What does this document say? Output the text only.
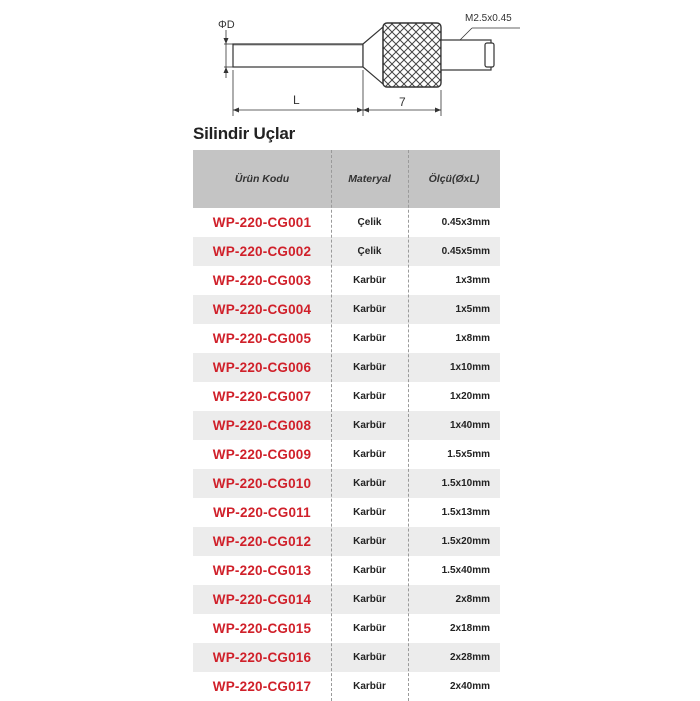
ΦD
M2.5x0.45
L	7
Silindir Uçlar
Ürün Kodu	Materyal	Ölçü(ØxL)
WP-220-CG001	Çelik	0.45x3mm
WP-220-CG002	Çelik	0.45x5mm
WP-220-CG003	Karbür	1x3mm
WP-220-CG004	Karbür	1x5mm
WP-220-CG005	Karbür	1x8mm
WP-220-CG006	Karbür	1x10mm
WP-220-CG007	Karbür	1x20mm
WP-220-CG008	Karbür	1x40mm
WP-220-CG009	Karbür	1.5x5mm
WP-220-CG010	Karbür	1.5x10mm
WP-220-CG011	Karbür	1.5x13mm
WP-220-CG012	Karbür	1.5x20mm
WP-220-CG013	Karbür	1.5x40mm
WP-220-CG014	Karbür	2x8mm
WP-220-CG015	Karbür	2x18mm
WP-220-CG016	Karbür	2x28mm
WP-220-CG017	Karbür	2x40mm
